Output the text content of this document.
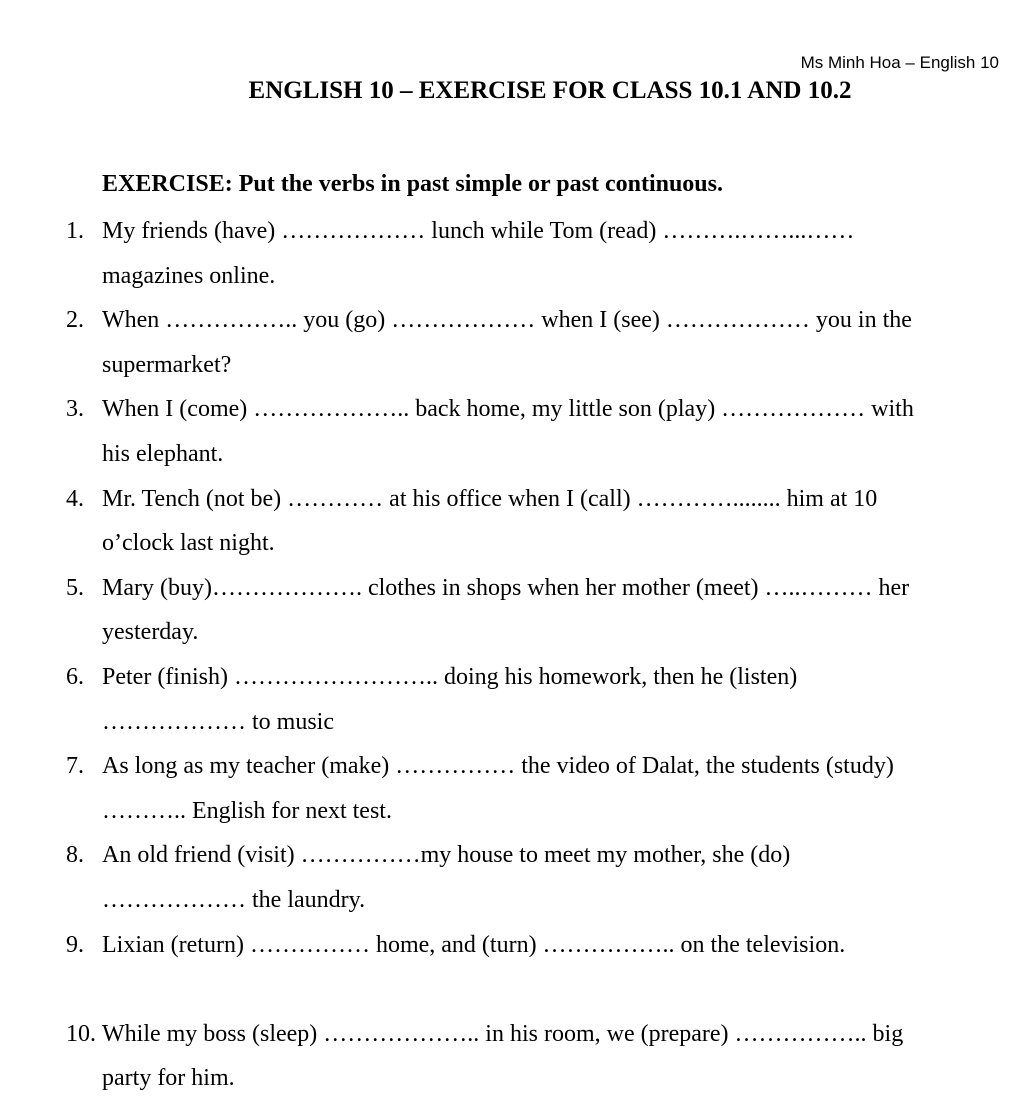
Ms Minh Hoa – English 10
ENGLISH 10 – EXERCISE FOR CLASS 10.1 AND 10.2
EXERCISE: Put the verbs in past simple or past continuous.
1. My friends (have) ……………… lunch while Tom (read) ……….……...……
magazines online.
2. When …………….. you (go) ……………… when I (see) ……………… you in the
supermarket?
3. When I (come) ……………….. back home, my little son (play) ……………… with
his elephant.
4. Mr. Tench (not be) ………… at his office when I (call) …………........ him at 10
o’clock last night.
5. Mary (buy)………………. clothes in shops when her mother (meet) …..……… her
yesterday.
6. Peter (finish) …………………….. doing his homework, then he (listen)
……………… to music
7. As long as my teacher (make) …………… the video of Dalat, the students (study)
……….. English for next test.
8. An old friend (visit) ……………my house to meet my mother, she (do)
……………… the laundry.
9. Lixian (return) …………… home, and (turn) …………….. on the television.
10. While my boss (sleep) ……………….. in his room, we (prepare) …………….. big
party for him.
